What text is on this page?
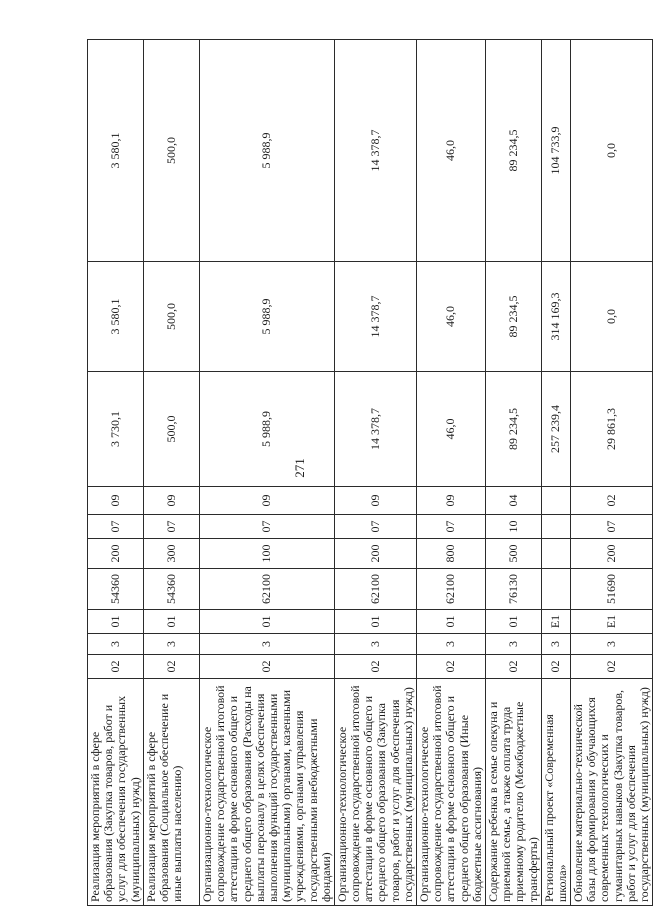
271
Реализация мероприятий в сфере образования (Закупка товаров, работ и услуг для обеспечения государственных (муниципальных) нужд)	02	3	01	54360	200	07	09	3 730,1	3 580,1	3 580,1
Реализация мероприятий в сфере образования (Социальное обеспечение и иные выплаты населению)	02	3	01	54360	300	07	09	500,0	500,0	500,0
Организационно-технологическое сопровождение государственной итоговой аттестации в форме основного общего и среднего общего образования (Расходы на выплаты персоналу в целях обеспечения выполнения функций государственными (муниципальными) органами, казенными учреждениями, органами управления государственными внебюджетными фондами)	02	3	01	62100	100	07	09	5 988,9	5 988,9	5 988,9
Организационно-технологическое сопровождение государственной итоговой аттестации в форме основного общего и среднего общего образования (Закупка товаров, работ и услуг для обеспечения государственных (муниципальных) нужд)	02	3	01	62100	200	07	09	14 378,7	14 378,7	14 378,7
Организационно-технологическое сопровождение государственной итоговой аттестации в форме основного общего и среднего общего образования (Иные бюджетные ассигнования)	02	3	01	62100	800	07	09	46,0	46,0	46,0
Содержание ребенка в семье опекуна и приемной семье, а также оплата труда приемному родителю (Межбюджетные трансферты)	02	3	01	76130	500	10	04	89 234,5	89 234,5	89 234,5
Региональный проект «Современная школа»	02	3	Е1					257 239,4	314 169,3	104 733,9
Обновление материально-технической базы для формирования у обучающихся современных технологических и гуманитарных навыков (Закупка товаров, работ и услуг для обеспечения государственных (муниципальных) нужд)	02	3	Е1	51690	200	07	02	29 861,3	0,0	0,0
